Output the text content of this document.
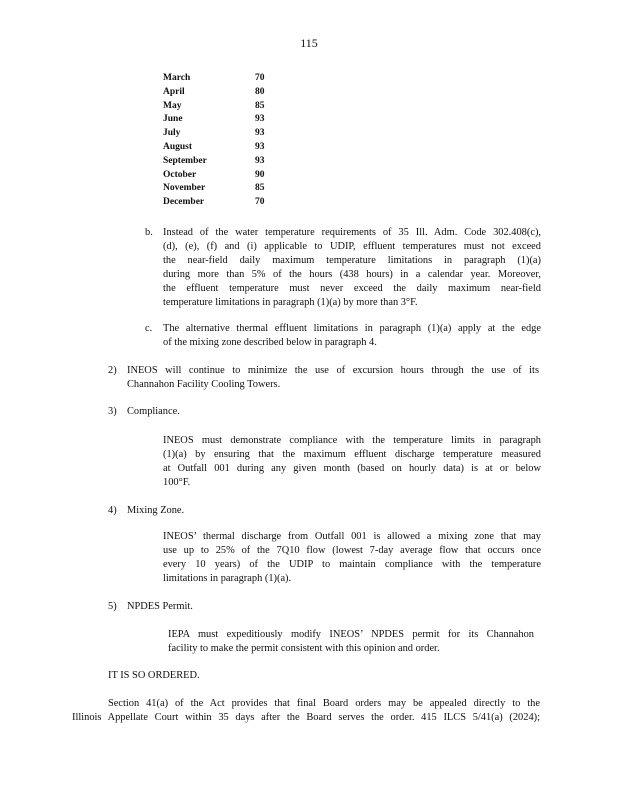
115
March	70
April	80
May	85
June	93
July	93
August	93
September	93
October	90
November	85
December	70
b. Instead of the water temperature requirements of 35 Ill. Adm. Code 302.408(c),
(d), (e), (f) and (i) applicable to UDIP, effluent temperatures must not exceed
the near-field daily maximum temperature limitations in paragraph (1)(a)
during more than 5% of the hours (438 hours) in a calendar year. Moreover,
the effluent temperature must never exceed the daily maximum near-field
temperature limitations in paragraph (1)(a) by more than 3°F.
c. The alternative thermal effluent limitations in paragraph (1)(a) apply at the edge
of the mixing zone described below in paragraph 4.
2) INEOS will continue to minimize the use of excursion hours through the use of its
Channahon Facility Cooling Towers.
3) Compliance.
INEOS must demonstrate compliance with the temperature limits in paragraph
(1)(a) by ensuring that the maximum effluent discharge temperature measured
at Outfall 001 during any given month (based on hourly data) is at or below
100°F.
4) Mixing Zone.
INEOS’ thermal discharge from Outfall 001 is allowed a mixing zone that may
use up to 25% of the 7Q10 flow (lowest 7-day average flow that occurs once
every 10 years) of the UDIP to maintain compliance with the temperature
limitations in paragraph (1)(a).
5) NPDES Permit.
IEPA must expeditiously modify INEOS’ NPDES permit for its Channahon
facility to make the permit consistent with this opinion and order.
IT IS SO ORDERED.
Section 41(a) of the Act provides that final Board orders may be appealed directly to the
Illinois Appellate Court within 35 days after the Board serves the order. 415 ILCS 5/41(a) (2024);
